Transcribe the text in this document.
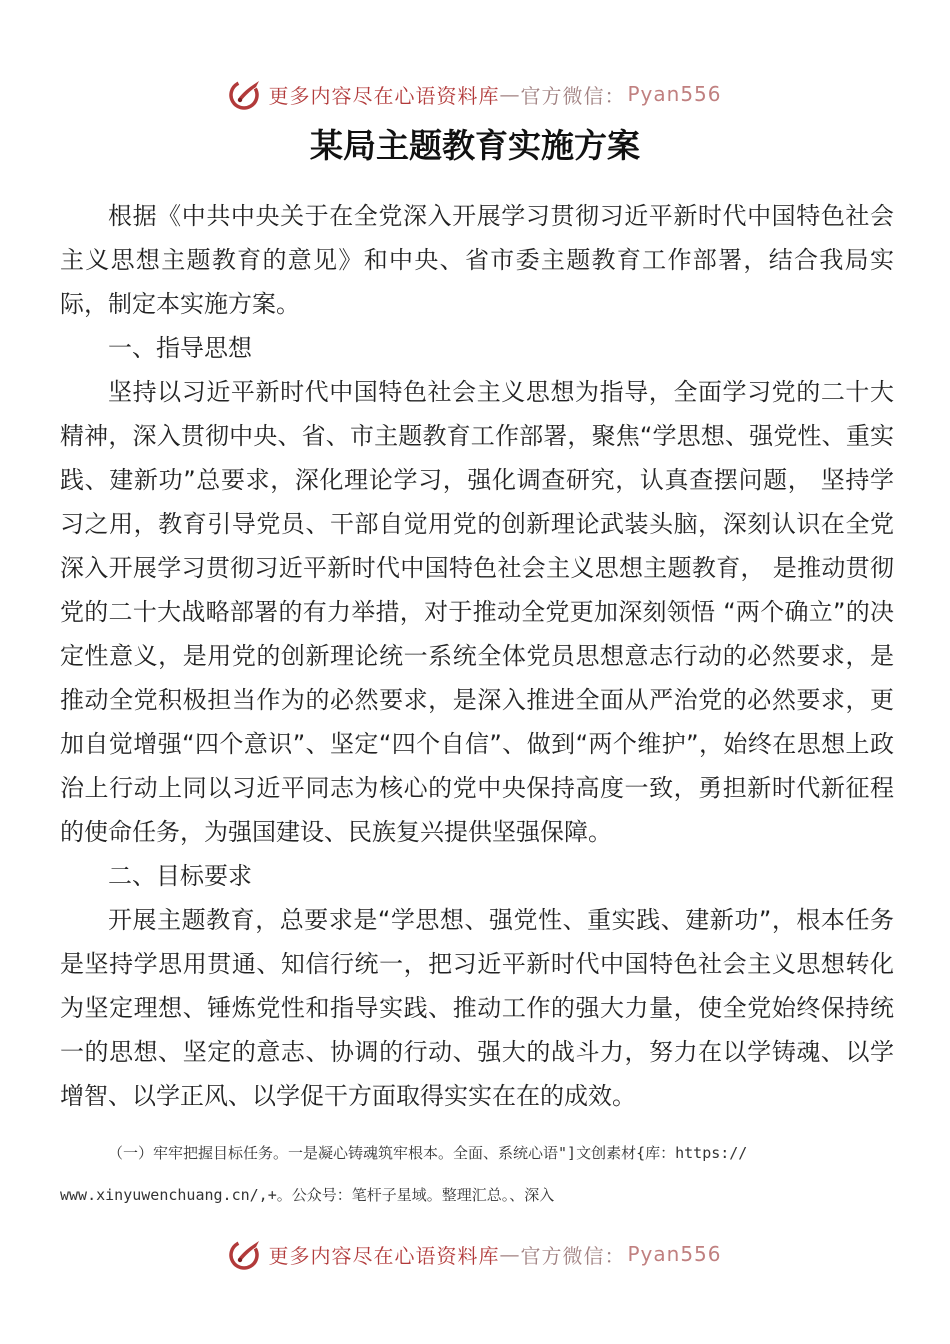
更多内容尽在心语资料库 — 官方微信： Pyan556
某局主题教育实施方案

根据《中共中央关于在全党深入开展学习贯彻习近平新时代中国特色社会主义思想主题教育的意见》和中央、省市委主题教育工作部署，结合我局实际，制定本实施方案。

一、指导思想

坚持以习近平新时代中国特色社会主义思想为指导，全面学习党的二十大精神，深入贯彻中央、省、市主题教育工作部署，聚焦“学思想、强党性、重实践、建新功”总要求，深化理论学习，强化调查研究，认真查摆问题， 坚持学习之用，教育引导党员、干部自觉用党的创新理论武装头脑，深刻认识在全党深入开展学习贯彻习近平新时代中国特色社会主义思想主题教育， 是推动贯彻党的二十大战略部署的有力举措，对于推动全党更加深刻领悟 “两个确立”的决定性意义，是用党的创新理论统一系统全体党员思想意志行动的必然要求，是推动全党积极担当作为的必然要求，是深入推进全面从严治党的必然要求，更加自觉增强“四个意识”、坚定“四个自信”、做到“两个维护”，始终在思想上政治上行动上同以习近平同志为核心的党中央保持高度一致，勇担新时代新征程的使命任务，为强国建设、民族复兴提供坚强保障。

二、目标要求

开展主题教育，总要求是“学思想、强党性、重实践、建新功”，根本任务是坚持学思用贯通、知信行统一，把习近平新时代中国特色社会主义思想转化为坚定理想、锤炼党性和指导实践、推动工作的强大力量，使全党始终保持统一的思想、坚定的意志、协调的行动、强大的战斗力，努力在以学铸魂、以学增智、以学正风、以学促干方面取得实实在在的成效。

（一）牢牢把握目标任务。一是凝心铸魂筑牢根本。全面、系统心语"]文创素材{库：https://
www.xinyuwenchuang.cn/,+。公众号：笔杆子星域。整理汇总。、深入
更多内容尽在心语资料库 — 官方微信： Pyan556
